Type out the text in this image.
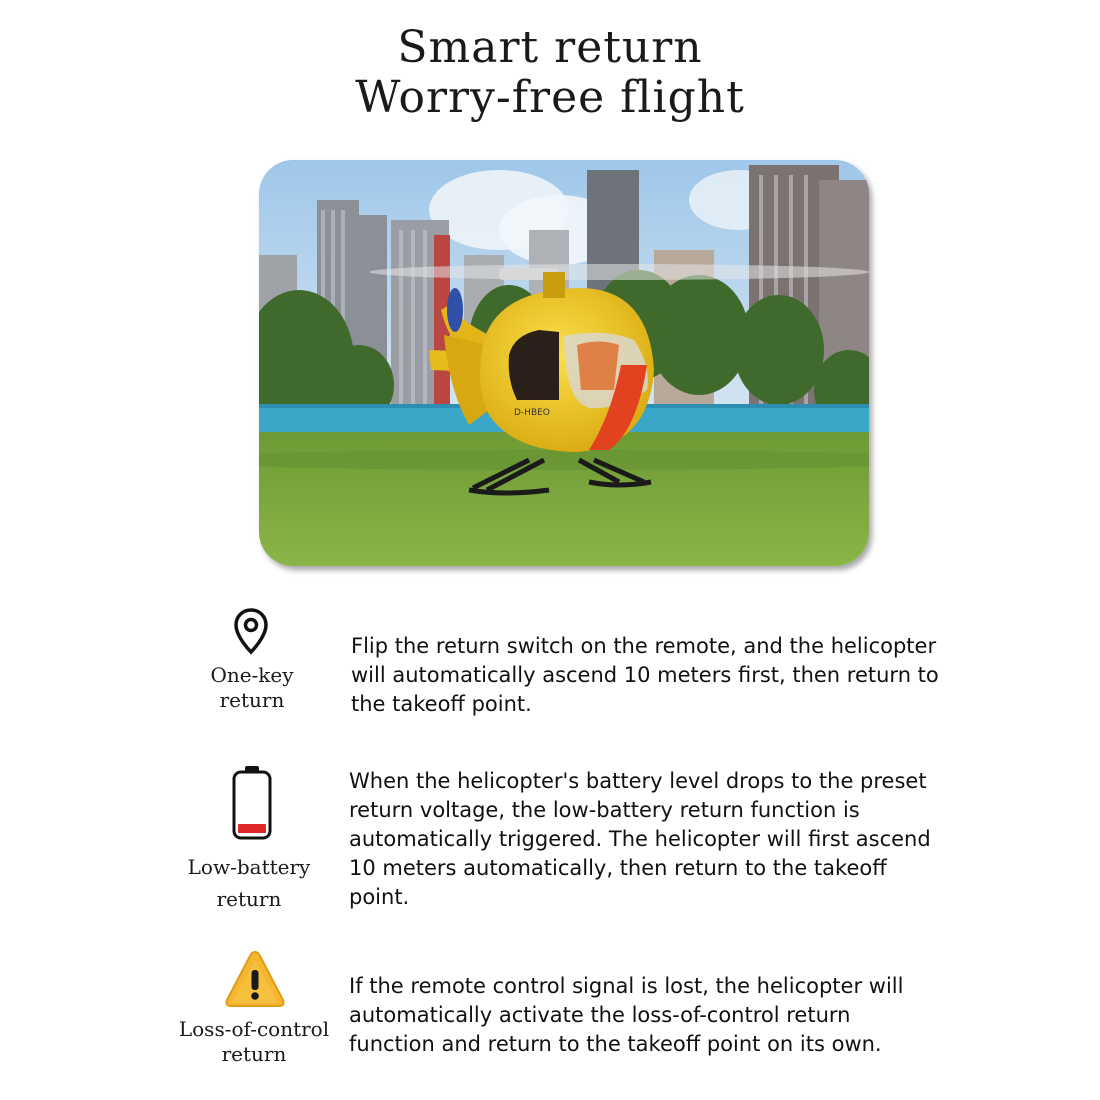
Smart return
Worry-free flight
D-HBEO
One-key
return
Flip the return switch on the remote, and the helicopter
will automatically ascend 10 meters first, then return to
the takeoff point.
Low-battery
return
When the helicopter's battery level drops to the preset
return voltage, the low-battery return function is
automatically triggered. The helicopter will first ascend
10 meters automatically, then return to the takeoff
point.
Loss-of-control
return
If the remote control signal is lost, the helicopter will
automatically activate the loss-of-control return
function and return to the takeoff point on its own.
